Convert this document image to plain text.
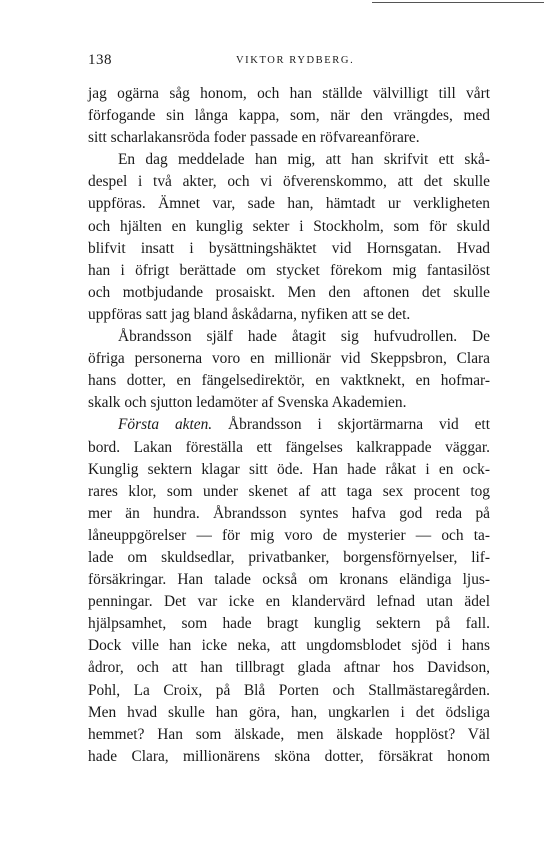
138	VIKTOR RYDBERG.
jag ogärna såg honom, och han ställde välvilligt till vårt
förfogande sin långa kappa, som, när den vrängdes, med
sitt scharlakansröda foder passade en röfvareanförare.
En dag meddelade han mig, att han skrifvit ett skå-
despel i två akter, och vi öfverenskommo, att det skulle
uppföras. Ämnet var, sade han, hämtadt ur verkligheten
och hjälten en kunglig sekter i Stockholm, som för skuld
blifvit insatt i bysättningshäktet vid Hornsgatan. Hvad
han i öfrigt berättade om stycket förekom mig fantasilöst
och motbjudande prosaiskt. Men den aftonen det skulle
uppföras satt jag bland åskådarna, nyfiken att se det.
Åbrandsson själf hade åtagit sig hufvudrollen. De
öfriga personerna voro en millionär vid Skeppsbron, Clara
hans dotter, en fängelsedirektör, en vaktknekt, en hofmar-
skalk och sjutton ledamöter af Svenska Akademien.
Första akten. Åbrandsson i skjortärmarna vid ett
bord. Lakan föreställa ett fängelses kalkrappade väggar.
Kunglig sektern klagar sitt öde. Han hade råkat i en ock-
rares klor, som under skenet af att taga sex procent tog
mer än hundra. Åbrandsson syntes hafva god reda på
låneuppgörelser — för mig voro de mysterier — och ta-
lade om skuldsedlar, privatbanker, borgensförnyelser, lif-
försäkringar. Han talade också om kronans eländiga ljus-
penningar. Det var icke en klandervärd lefnad utan ädel
hjälpsamhet, som hade bragt kunglig sektern på fall.
Dock ville han icke neka, att ungdomsblodet sjöd i hans
ådror, och att han tillbragt glada aftnar hos Davidson,
Pohl, La Croix, på Blå Porten och Stallmästaregården.
Men hvad skulle han göra, han, ungkarlen i det ödsliga
hemmet? Han som älskade, men älskade hopplöst? Väl
hade Clara, millionärens sköna dotter, försäkrat honom
